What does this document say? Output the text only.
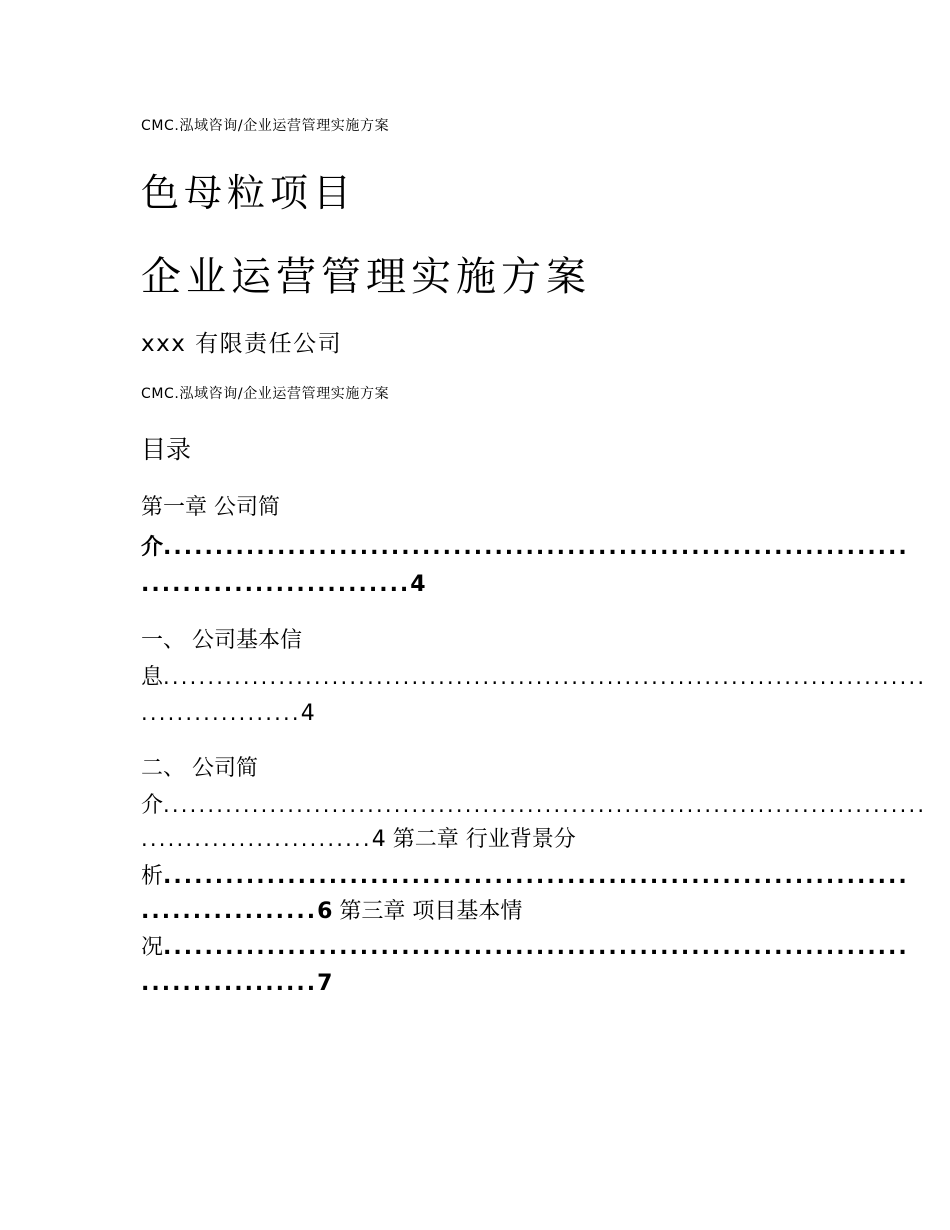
CMC.泓域咨询/企业运营管理实施方案
色母粒项目
企业运营管理实施方案
xxx 有限责任公司
CMC.泓域咨询/企业运营管理实施方案
目录
第一章 公司简
介........................................................................
..........................4
一、 公司基本信
息......................................................................................
..................4
二、 公司简
介......................................................................................
..........................4 第二章 行业背景分
析........................................................................
.................6 第三章 项目基本情
况........................................................................
.................7
